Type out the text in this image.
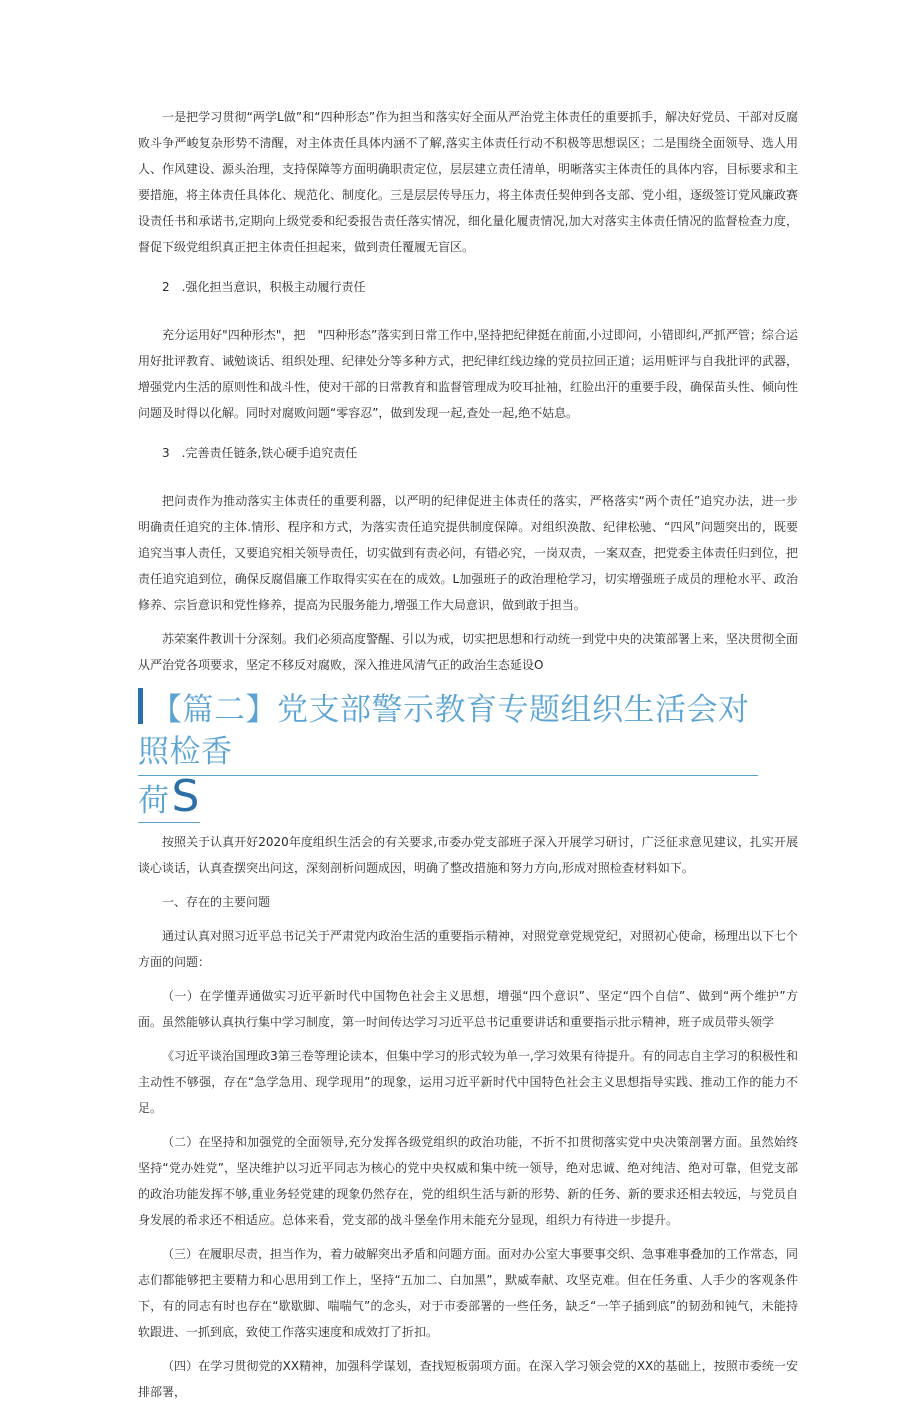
一是把学习贯彻“两学L做”和“四种形态”作为担当和落实好全面从严治党主体责任的重要抓手，解决好党员、干部对反腐败斗争严峻复杂形势不清醒，对主体责任具体内涵不了解,落实主体责任行动不积极等思想误区；二是围绕全面领导、选人用人、作风建设、源头治理，支持保障等方面明确职责定位，层层建立责任清单，明晰落实主体责任的具体内容，目标要求和主要措施，将主体责任具体化、规范化、制度化。三是层层传导压力，将主体责任契伸到各支部、党小组，逐级签订党风廉政赛设责任书和承诺书,定期向上级党委和纪委报告责任落实情况，细化量化履责情况,加大对落实主体责任情况的监督检查力度，督促下级党组织真正把主体责任担起来，做到责任覆履无盲区。

2　.强化担当意识，积极主动履行责任

充分运用好"四种形杰"，把　"四种形态”落实到日常工作中,坚持把纪律挺在前面,小过即问，小错即纠,严抓严管；综合运用好批评教育、诫勉谈话、组织处理、纪律处分等多种方式，把纪律红线边缘的党员拉回正道；运用赃评与自我批评的武器，增强党内生活的原则性和战斗性，使对干部的日常教育和监督管理成为咬耳扯袖，红脸出汗的重要手段，确保苗头性、倾向性问题及时得以化解。同时对腐败问题“零容忍”，做到发现一起,查处一起,绝不姑息。

3　.完善责任链条,铁心硬手追究责任

把问责作为推动落实主体责任的重要利器，以严明的纪律促进主体责任的落实，严格落实“两个责任”追究办法，进一步明确责任追究的主体.情形、程序和方式，为落实责任追究提供制度保障。对组织涣散、纪律松驰、“四风”问题突出的，既要追究当事人责任，又要追究相关领导责任，切实做到有责必问，有错必究，一岗双责，一案双查，把党委主体责任归到位，把责任追究追到位，确保反腐倡廉工作取得实实在在的成效。L加强班子的政治理枪学习，切实增强班子成员的理枪水平、政治修养、宗旨意识和党性修养，提高为民服务能力,增强工作大局意识，做到敢于担当。

苏荣案件教训十分深刻。我们必须高度警醒、引以为戒，切实把思想和行动统一到党中央的决策部署上来，坚决贯彻全面从严治党各项要求，坚定不移反对腐败，深入推进风清气正的政治生态延设O

【篇二】党支部警示教育专题组织生活会对照检香
荷S

按照关于认真开好2020年度组织生活会的有关要求,市委办党支部班子深入开展学习研讨，广泛征求意见建议，扎实开展谈心谈话，认真查摆突出问这，深刻剖析问题成因，明确了整改措施和努力方向,形成对照检查材料如下。

一、存在的主要问题

通过认真对照习近平总书记关于严肃党内政治生活的重要指示精神，对照党章党规党纪，对照初心使命，杨理出以下七个方面的问题：

（一）在学懂弄通做实习近平新时代中国物色社会主义思想，增强“四个意识”、坚定“四个自信”、做到“两个维护”方面。虽然能够认真执行集中学习制度，第一时间传达学习习近平总书记重要讲话和重要指示批示精神，班子成员带头领学

《习近平谈治国理政3第三卷等理论读本，但集中学习的形式较为单一,学习效果有待提升。有的同志自主学习的积极性和主动性不够强，存在“急学急用、现学现用”的现象，运用习近平新时代中国特色社会主义思想指导实践、推动工作的能力不足。

（二）在坚持和加强党的全面领导,充分发挥各级党组织的政治功能，不折不扣贯彻落实党中央决策剖署方面。虽然始终坚持“党办姓党”，坚决维护以习近平同志为核心的党中央权威和集中统一领导，绝对忠诚、绝对纯洁、绝对可靠，但党支部的政治功能发挥不够,重业务轻党建的现象仍然存在，党的组织生活与新的形势、新的任务、新的要求还相去较远，与党员自身发展的希求还不相适应。总体来看，党支部的战斗堡垒作用未能充分显现，组织力有待进一步提升。

（三）在履职尽责，担当作为，着力破解突出矛盾和问题方面。面对办公室大事要事交织、急事难事叠加的工作常态，同志们都能够把主要精力和心思用到工作上，坚持“五加二、白加黑”，默威奉献、攻坚克难。但在任务重、人手少的客观条件下，有的同志有时也存在“歇歇脚、喘喘气”的念头，对于市委部署的一些任务，缺乏“一竿子插到底”的韧劲和钝气，未能持软跟进、一抓到底，致使工作落实速度和成效打了折扣。

（四）在学习贯彻党的XX精神，加强科学谋划，查找短板弱项方面。在深入学习领会党的XX的基础上，按照市委统一安排部署，
